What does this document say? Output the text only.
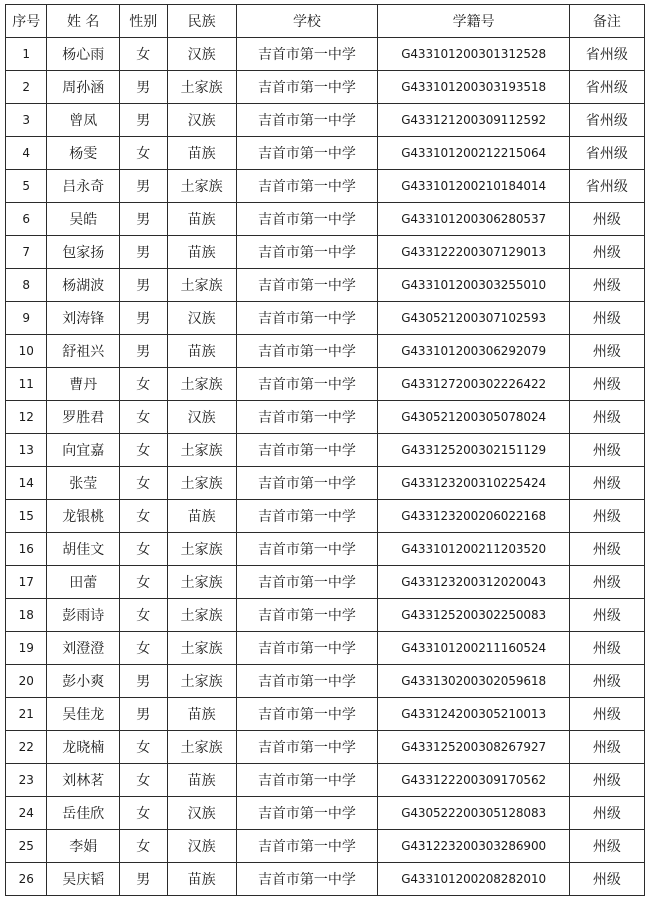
序号	姓 名	性别	民族	学校	学籍号	备注
1	杨心雨	女	汉族	吉首市第一中学	G433101200301312528	省州级
2	周孙涵	男	土家族	吉首市第一中学	G433101200303193518	省州级
3	曾凤	男	汉族	吉首市第一中学	G433121200309112592	省州级
4	杨雯	女	苗族	吉首市第一中学	G433101200212215064	省州级
5	吕永奇	男	土家族	吉首市第一中学	G433101200210184014	省州级
6	吴皓	男	苗族	吉首市第一中学	G433101200306280537	州级
7	包家扬	男	苗族	吉首市第一中学	G433122200307129013	州级
8	杨湖波	男	土家族	吉首市第一中学	G433101200303255010	州级
9	刘涛锋	男	汉族	吉首市第一中学	G430521200307102593	州级
10	舒祖兴	男	苗族	吉首市第一中学	G433101200306292079	州级
11	曹丹	女	土家族	吉首市第一中学	G433127200302226422	州级
12	罗胜君	女	汉族	吉首市第一中学	G430521200305078024	州级
13	向宜嘉	女	土家族	吉首市第一中学	G433125200302151129	州级
14	张莹	女	土家族	吉首市第一中学	G433123200310225424	州级
15	龙银桃	女	苗族	吉首市第一中学	G433123200206022168	州级
16	胡佳文	女	土家族	吉首市第一中学	G433101200211203520	州级
17	田蕾	女	土家族	吉首市第一中学	G433123200312020043	州级
18	彭雨诗	女	土家族	吉首市第一中学	G433125200302250083	州级
19	刘澄澄	女	土家族	吉首市第一中学	G433101200211160524	州级
20	彭小爽	男	土家族	吉首市第一中学	G433130200302059618	州级
21	吴佳龙	男	苗族	吉首市第一中学	G433124200305210013	州级
22	龙晓楠	女	土家族	吉首市第一中学	G433125200308267927	州级
23	刘林茗	女	苗族	吉首市第一中学	G433122200309170562	州级
24	岳佳欣	女	汉族	吉首市第一中学	G430522200305128083	州级
25	李娟	女	汉族	吉首市第一中学	G431223200303286900	州级
26	吴庆韬	男	苗族	吉首市第一中学	G433101200208282010	州级
